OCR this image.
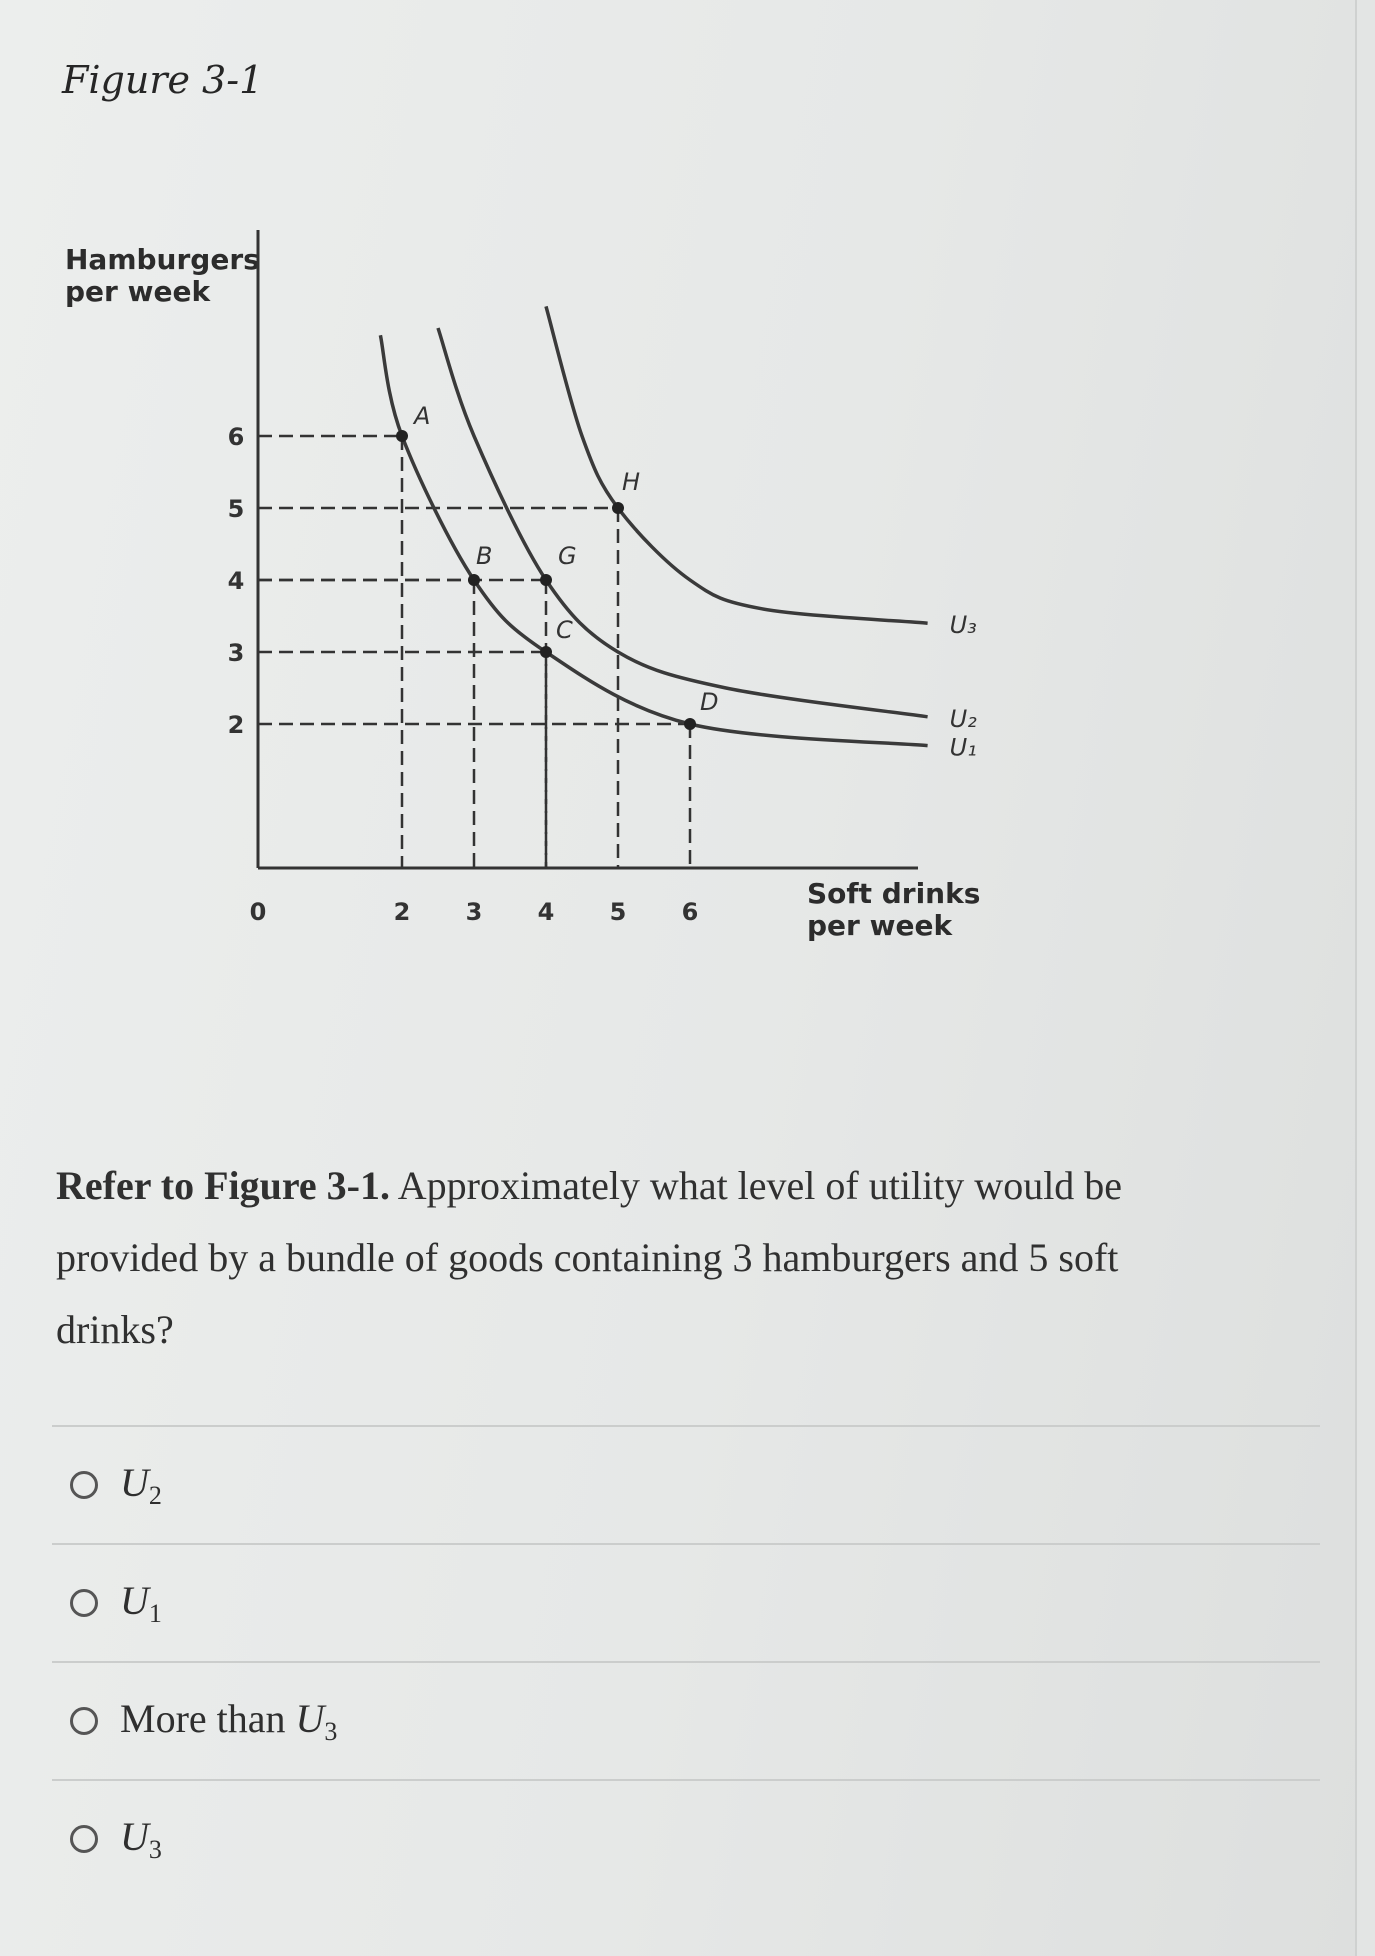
Figure 3-1
Hamburgers
per week
Soft drinks
per week
0	2 3 4 5 6
2
3
4
5
6
U₁
U₂
U₃
A
B	G
C
H
D
Refer to Figure 3-1. Approximately what level of utility would be provided by a bundle of goods containing 3 hamburgers and 5 soft drinks?
$U_2$
$U_1$
More than $U_3$
$U_3$
